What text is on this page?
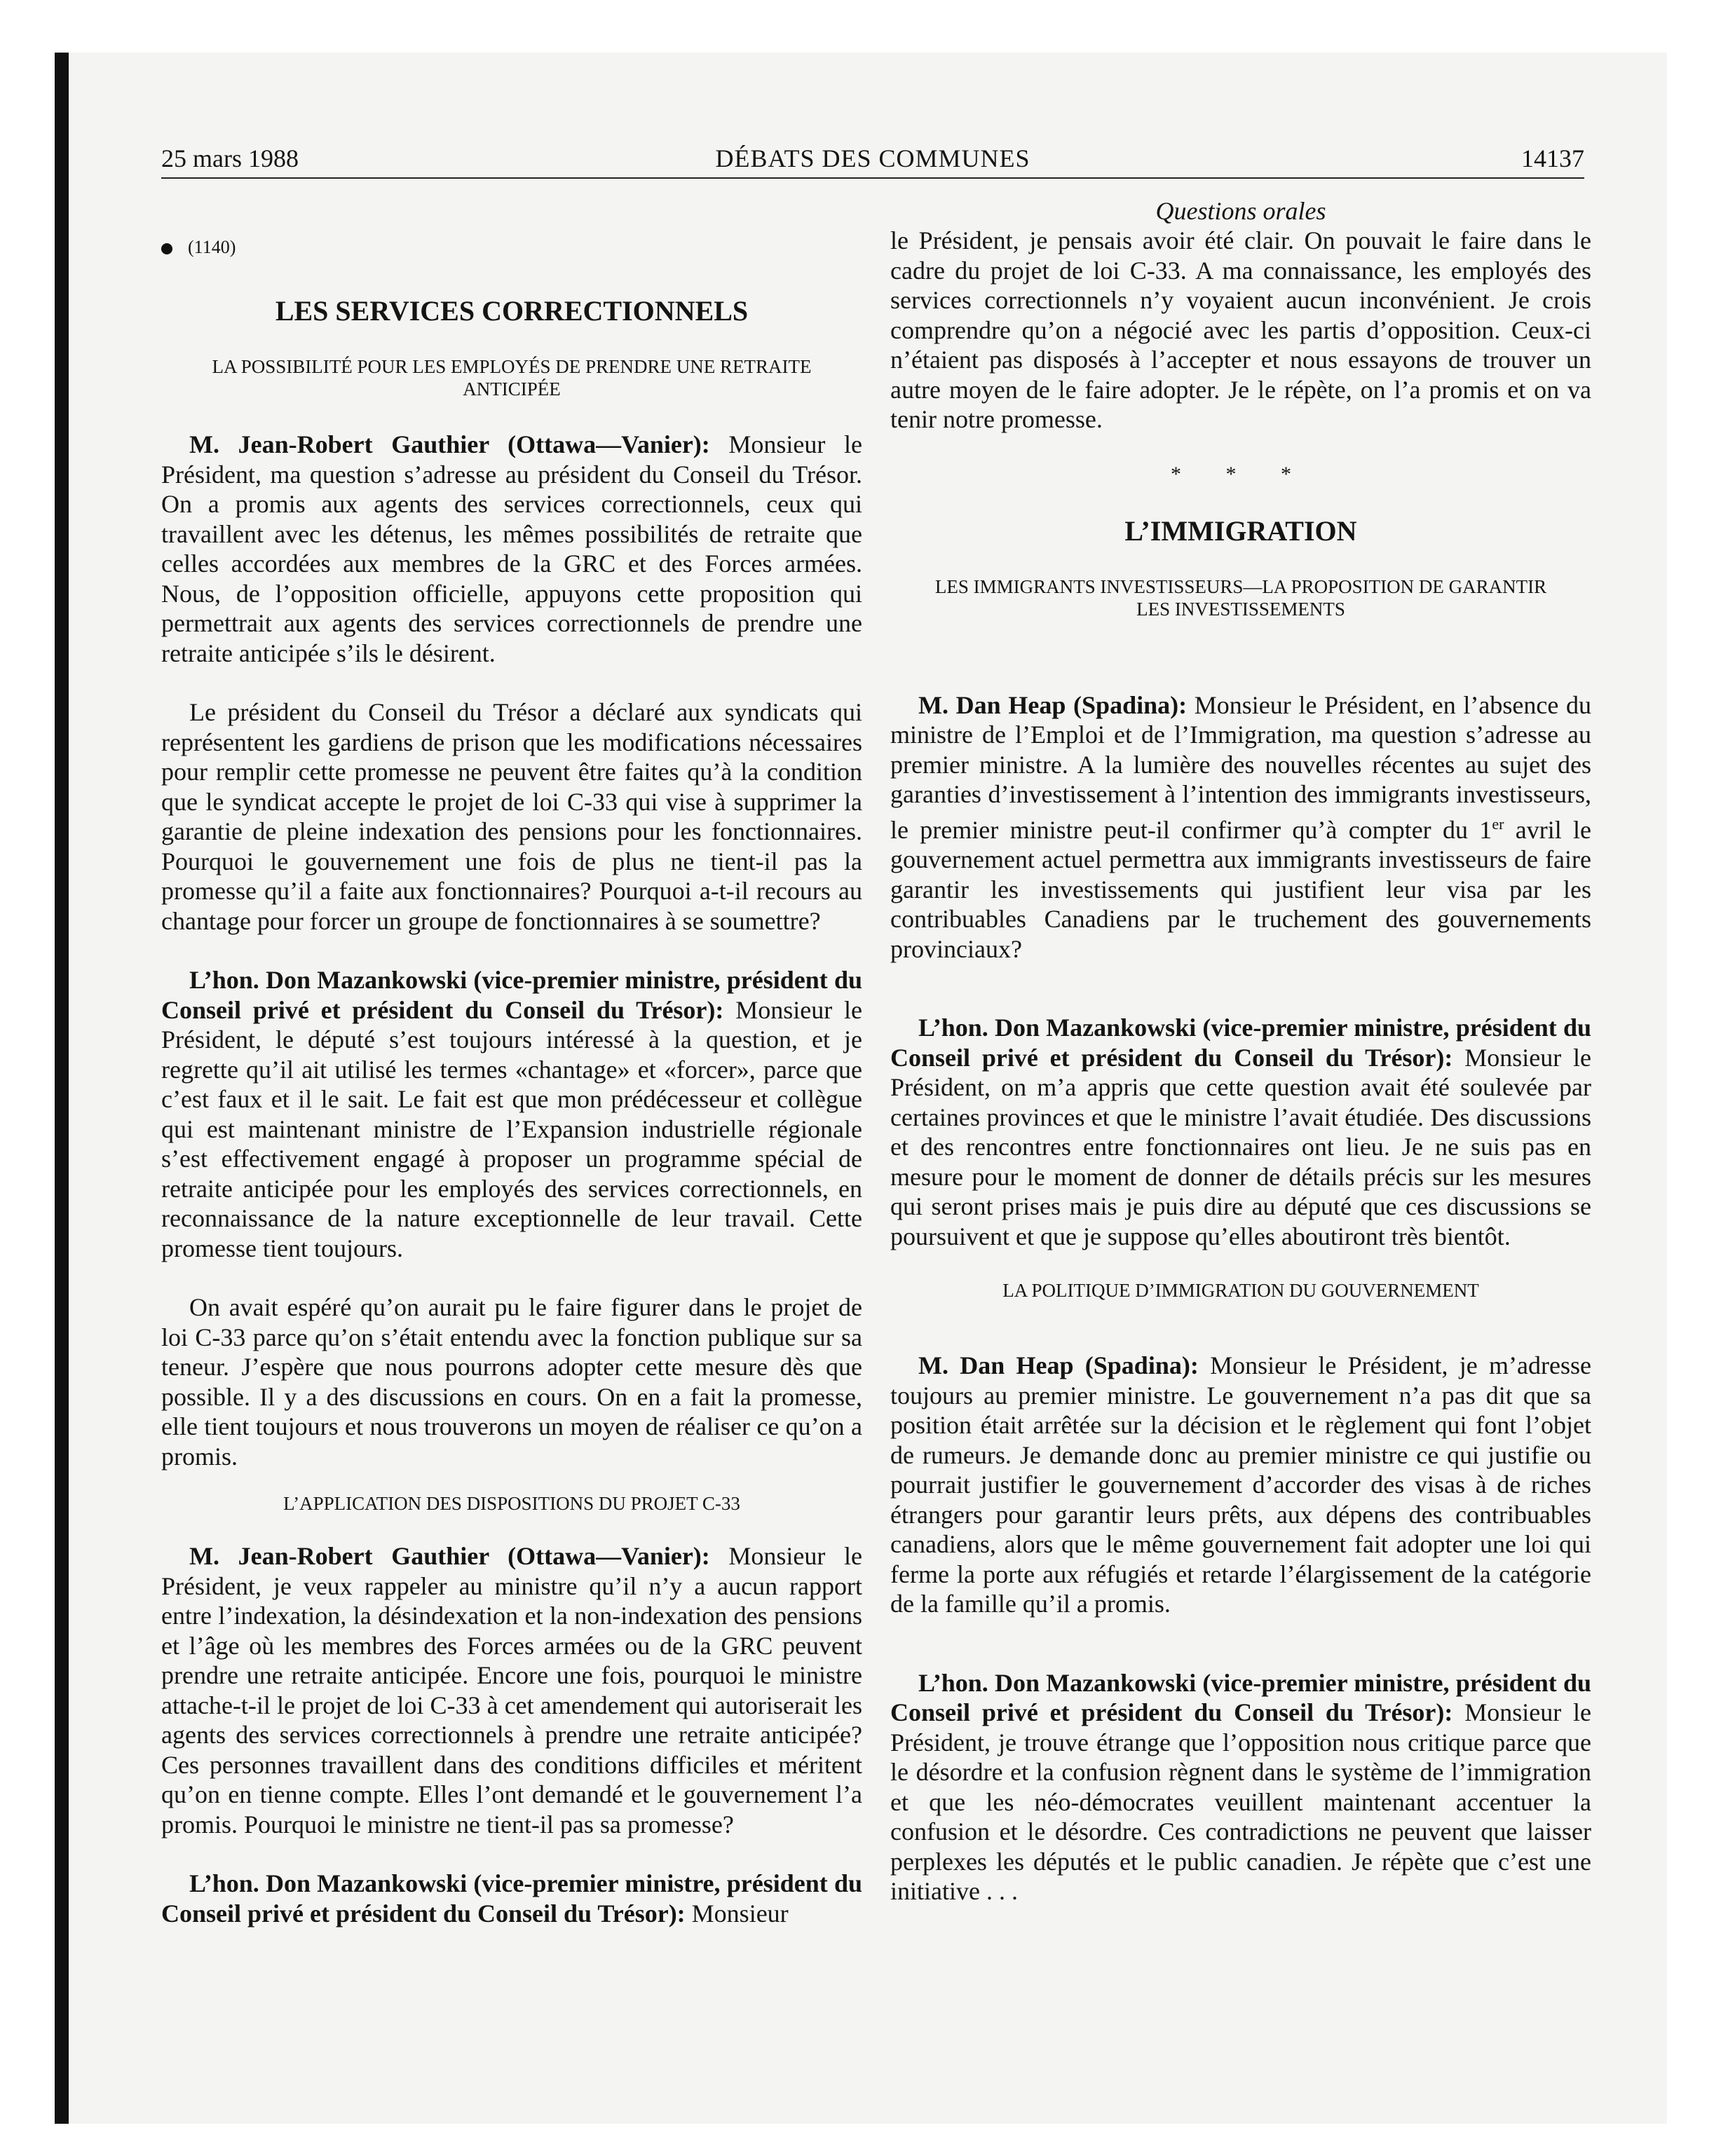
25 mars 1988	DÉBATS DES COMMUNES	14137
(1140)

LES SERVICES CORRECTIONNELS

LA POSSIBILITÉ POUR LES EMPLOYÉS DE PRENDRE UNE RETRAITE ANTICIPÉE

M. Jean-Robert Gauthier (Ottawa—Vanier): Monsieur le Président, ma question s’adresse au président du Conseil du Trésor. On a promis aux agents des services correctionnels, ceux qui travaillent avec les détenus, les mêmes possibilités de retraite que celles accordées aux membres de la GRC et des Forces armées. Nous, de l’opposition officielle, appuyons cette proposition qui permettrait aux agents des services correctionnels de prendre une retraite anticipée s’ils le désirent.

Le président du Conseil du Trésor a déclaré aux syndicats qui représentent les gardiens de prison que les modifications nécessaires pour remplir cette promesse ne peuvent être faites qu’à la condition que le syndicat accepte le projet de loi C-33 qui vise à supprimer la garantie de pleine indexation des pensions pour les fonctionnaires. Pourquoi le gouvernement une fois de plus ne tient-il pas la promesse qu’il a faite aux fonctionnaires? Pourquoi a-t-il recours au chantage pour forcer un groupe de fonctionnaires à se soumettre?

L’hon. Don Mazankowski (vice-premier ministre, président du Conseil privé et président du Conseil du Trésor): Monsieur le Président, le député s’est toujours intéressé à la question, et je regrette qu’il ait utilisé les termes «chantage» et «forcer», parce que c’est faux et il le sait. Le fait est que mon prédécesseur et collègue qui est maintenant ministre de l’Expansion industrielle régionale s’est effectivement engagé à proposer un programme spécial de retraite anticipée pour les employés des services correctionnels, en reconnaissance de la nature exceptionnelle de leur travail. Cette promesse tient toujours.

On avait espéré qu’on aurait pu le faire figurer dans le projet de loi C-33 parce qu’on s’était entendu avec la fonction publique sur sa teneur. J’espère que nous pourrons adopter cette mesure dès que possible. Il y a des discussions en cours. On en a fait la promesse, elle tient toujours et nous trouverons un moyen de réaliser ce qu’on a promis.

L’APPLICATION DES DISPOSITIONS DU PROJET C-33

M. Jean-Robert Gauthier (Ottawa—Vanier): Monsieur le Président, je veux rappeler au ministre qu’il n’y a aucun rapport entre l’indexation, la désindexation et la non-indexation des pensions et l’âge où les membres des Forces armées ou de la GRC peuvent prendre une retraite anticipée. Encore une fois, pourquoi le ministre attache-t-il le projet de loi C-33 à cet amendement qui autoriserait les agents des services correctionnels à prendre une retraite anticipée? Ces personnes travaillent dans des conditions difficiles et méritent qu’on en tienne compte. Elles l’ont demandé et le gouvernement l’a promis. Pourquoi le ministre ne tient-il pas sa promesse?

L’hon. Don Mazankowski (vice-premier ministre, président du Conseil privé et président du Conseil du Trésor): Monsieur

Questions orales

le Président, je pensais avoir été clair. On pouvait le faire dans le cadre du projet de loi C-33. A ma connaissance, les employés des services correctionnels n’y voyaient aucun inconvénient. Je crois comprendre qu’on a négocié avec les partis d’opposition. Ceux-ci n’étaient pas disposés à l’accepter et nous essayons de trouver un autre moyen de le faire adopter. Je le répète, on l’a promis et on va tenir notre promesse.

* * *

L’IMMIGRATION

LES IMMIGRANTS INVESTISSEURS—LA PROPOSITION DE GARANTIR LES INVESTISSEMENTS

M. Dan Heap (Spadina): Monsieur le Président, en l’absence du ministre de l’Emploi et de l’Immigration, ma question s’adresse au premier ministre. A la lumière des nouvelles récentes au sujet des garanties d’investissement à l’intention des immigrants investisseurs, le premier ministre peut-il confirmer qu’à compter du 1er avril le gouvernement actuel permettra aux immigrants investisseurs de faire garantir les investissements qui justifient leur visa par les contribuables Canadiens par le truchement des gouvernements provinciaux?

L’hon. Don Mazankowski (vice-premier ministre, président du Conseil privé et président du Conseil du Trésor): Monsieur le Président, on m’a appris que cette question avait été soulevée par certaines provinces et que le ministre l’avait étudiée. Des discussions et des rencontres entre fonctionnaires ont lieu. Je ne suis pas en mesure pour le moment de donner de détails précis sur les mesures qui seront prises mais je puis dire au député que ces discussions se poursuivent et que je suppose qu’elles aboutiront très bientôt.

LA POLITIQUE D’IMMIGRATION DU GOUVERNEMENT

M. Dan Heap (Spadina): Monsieur le Président, je m’adresse toujours au premier ministre. Le gouvernement n’a pas dit que sa position était arrêtée sur la décision et le règlement qui font l’objet de rumeurs. Je demande donc au premier ministre ce qui justifie ou pourrait justifier le gouvernement d’accorder des visas à de riches étrangers pour garantir leurs prêts, aux dépens des contribuables canadiens, alors que le même gouvernement fait adopter une loi qui ferme la porte aux réfugiés et retarde l’élargissement de la catégorie de la famille qu’il a promis.

L’hon. Don Mazankowski (vice-premier ministre, président du Conseil privé et président du Conseil du Trésor): Monsieur le Président, je trouve étrange que l’opposition nous critique parce que le désordre et la confusion règnent dans le système de l’immigration et que les néo-démocrates veuillent maintenant accentuer la confusion et le désordre. Ces contradictions ne peuvent que laisser perplexes les députés et le public canadien. Je répète que c’est une initiative . . .
